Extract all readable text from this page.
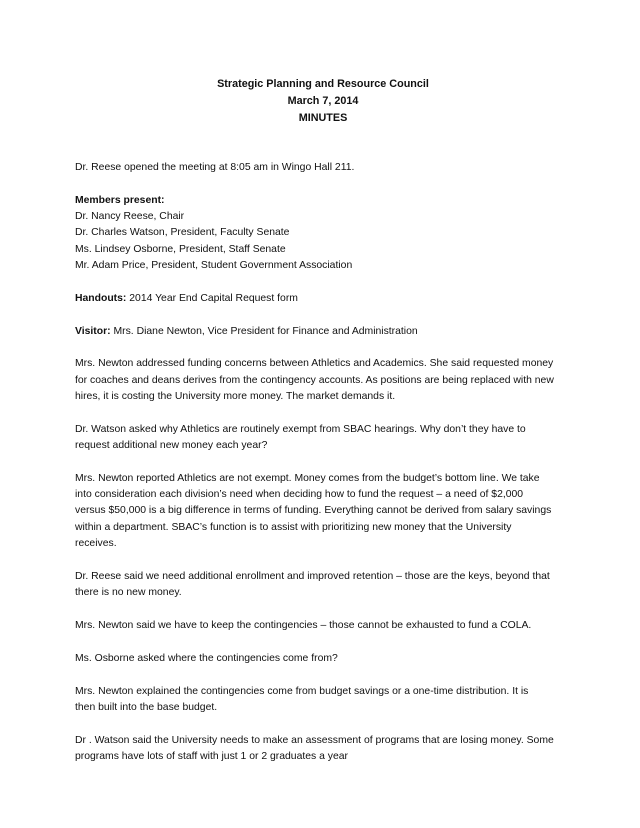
Strategic Planning and Resource Council
March 7, 2014
MINUTES

Dr. Reese opened the meeting at 8:05 am in Wingo Hall 211.

Members present:
Dr. Nancy Reese, Chair
Dr. Charles Watson, President, Faculty Senate
Ms. Lindsey Osborne, President, Staff Senate
Mr. Adam Price, President, Student Government Association

Handouts: 2014 Year End Capital Request form

Visitor: Mrs. Diane Newton, Vice President for Finance and Administration

Mrs. Newton addressed funding concerns between Athletics and Academics. She said requested money
for coaches and deans derives from the contingency accounts. As positions are being replaced with new
hires, it is costing the University more money. The market demands it.

Dr. Watson asked why Athletics are routinely exempt from SBAC hearings. Why don’t they have to
request additional new money each year?

Mrs. Newton reported Athletics are not exempt. Money comes from the budget’s bottom line. We take
into consideration each division’s need when deciding how to fund the request – a need of $2,000
versus $50,000 is a big difference in terms of funding. Everything cannot be derived from salary savings
within a department. SBAC’s function is to assist with prioritizing new money that the University
receives.

Dr. Reese said we need additional enrollment and improved retention – those are the keys, beyond that
there is no new money.

Mrs. Newton said we have to keep the contingencies – those cannot be exhausted to fund a COLA.

Ms. Osborne asked where the contingencies come from?

Mrs. Newton explained the contingencies come from budget savings or a one-time distribution. It is
then built into the base budget.

Dr . Watson said the University needs to make an assessment of programs that are losing money. Some
programs have lots of staff with just 1 or 2 graduates a year
